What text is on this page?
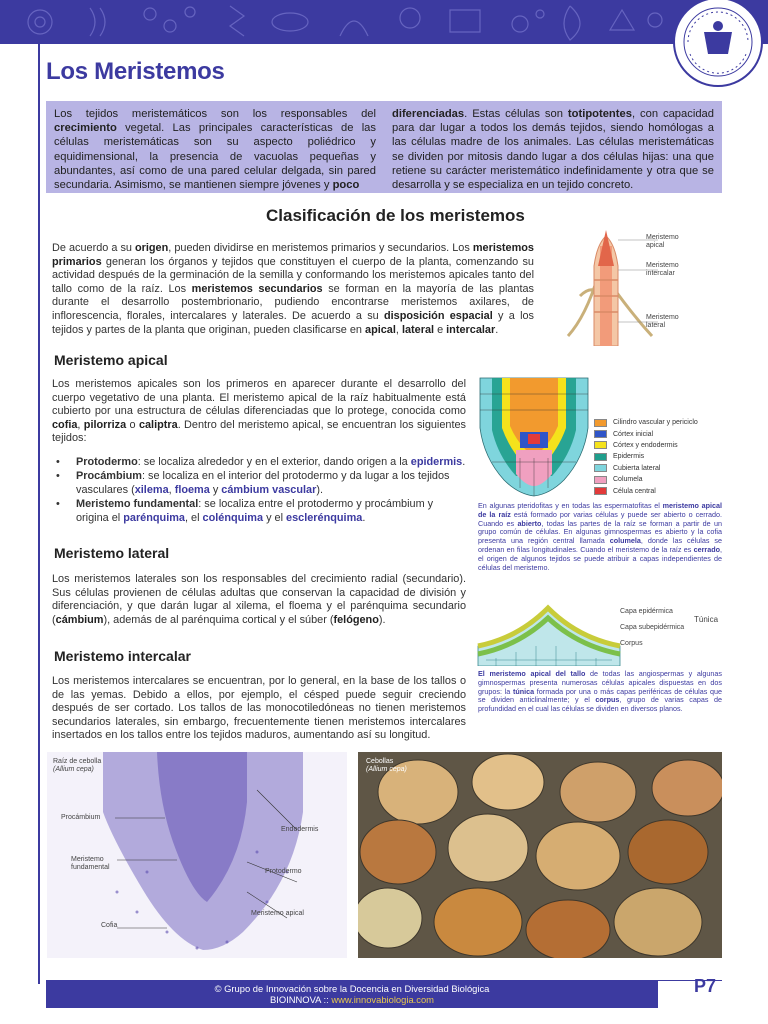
Los Meristemos

Los tejidos meristemáticos son los responsables del crecimiento vegetal. Las principales características de las células meristemáticas son su aspecto poliédrico y equidimensional, la presencia de vacuolas pequeñas y abundantes, así como de una pared celular delgada, sin pared secundaria. Asimismo, se mantienen siempre jóvenes y poco

diferenciadas. Estas células son totipotentes, con capacidad para dar lugar a todos los demás tejidos, siendo homólogas a las células madre de los animales. Las células meristemáticas se dividen por mitosis dando lugar a dos células hijas: una que retiene su carácter meristemático indefinidamente y otra que se desarrolla y se especializa en un tejido concreto.

Clasificación de los meristemos

De acuerdo a su origen, pueden dividirse en meristemos primarios y secundarios. Los meristemos primarios generan los órganos y tejidos que constituyen el cuerpo de la planta, comenzando su actividad después de la germinación de la semilla y conformando los meristemos apicales tanto del tallo como de la raíz. Los meristemos secundarios se forman en la mayoría de las plantas durante el desarrollo postembrionario, pudiendo encontrarse meristemos axilares, de inflorescencia, florales, intercalares y laterales. De acuerdo a su disposición espacial y a los tejidos y partes de la planta que originan, pueden clasificarse en apical, lateral e intercalar.

Meristemo apical
Meristemo intercalar
Meristemo lateral
Meristemo apical

Los meristemos apicales son los primeros en aparecer durante el desarrollo del cuerpo vegetativo de una planta. El meristemo apical de la raíz habitualmente está cubierto por una estructura de células diferenciadas que lo protege, conocida como cofia, pilorriza o caliptra. Dentro del meristemo apical, se encuentran los siguientes tejidos:

• Protodermo: se localiza alrededor y en el exterior, dando origen a la epidermis.
• Procámbium: se localiza en el interior del protodermo y da lugar a los tejidos vasculares (xilema, floema y cámbium vascular).
• Meristemo fundamental: se localiza entre el protodermo y procámbium y origina el parénquima, el colénquima y el esclerénquima.
Cilindro vascular y periciclo
Córtex inicial
Córtex y endodermis
Epidermis
Cubierta lateral
Columela
Célula central

En algunas pteridofitas y en todas las espermatofitas el meristemo apical de la raíz está formado por varias células y puede ser abierto o cerrado. Cuando es abierto, todas las partes de la raíz se forman a partir de un grupo común de células. En algunas gimnospermas es abierto y la cofia presenta una región central llamada columela, donde las células se ordenan en filas longitudinales. Cuando el meristemo de la raíz es cerrado, el origen de algunos tejidos se puede atribuir a capas independientes de células del meristemo.

Meristemo lateral

Los meristemos laterales son los responsables del crecimiento radial (secundario). Sus células provienen de células adultas que conservan la capacidad de división y diferenciación, y que darán lugar al xilema, el floema y el parénquima secundario (cámbium), además de al parénquima cortical y el súber (felógeno).

Capa epidérmica
Capa subepidérmica
Túnica
Corpus

El meristemo apical del tallo de todas las angiospermas y algunas gimnospermas presenta numerosas células apicales dispuestas en dos grupos: la túnica formada por una o más capas periféricas de células que se dividen anticlinalmente; y el corpus, grupo de varias capas de profundidad en el cual las células se dividen en diversos planos.

Meristemo intercalar

Los meristemos intercalares se encuentran, por lo general, en la base de los tallos o de las yemas. Debido a ellos, por ejemplo, el césped puede seguir creciendo después de ser cortado. Los tallos de las monocotiledóneas no tienen meristemos secundarios laterales, sin embargo, frecuentemente tienen meristemos intercalares insertados en los tallos entre los tejidos maduros, aumentando así su longitud.

Raíz de cebolla
(Allium cepa)
Procámbium
Endodermis
Meristemo fundamental
Protodermo
Cofia
Meristemo apical
Cebollas
(Allium cepa)
© Grupo de Innovación sobre la Docencia en Diversidad Biológica
BIOINNOVA :: www.innovabiologia.com
P7
